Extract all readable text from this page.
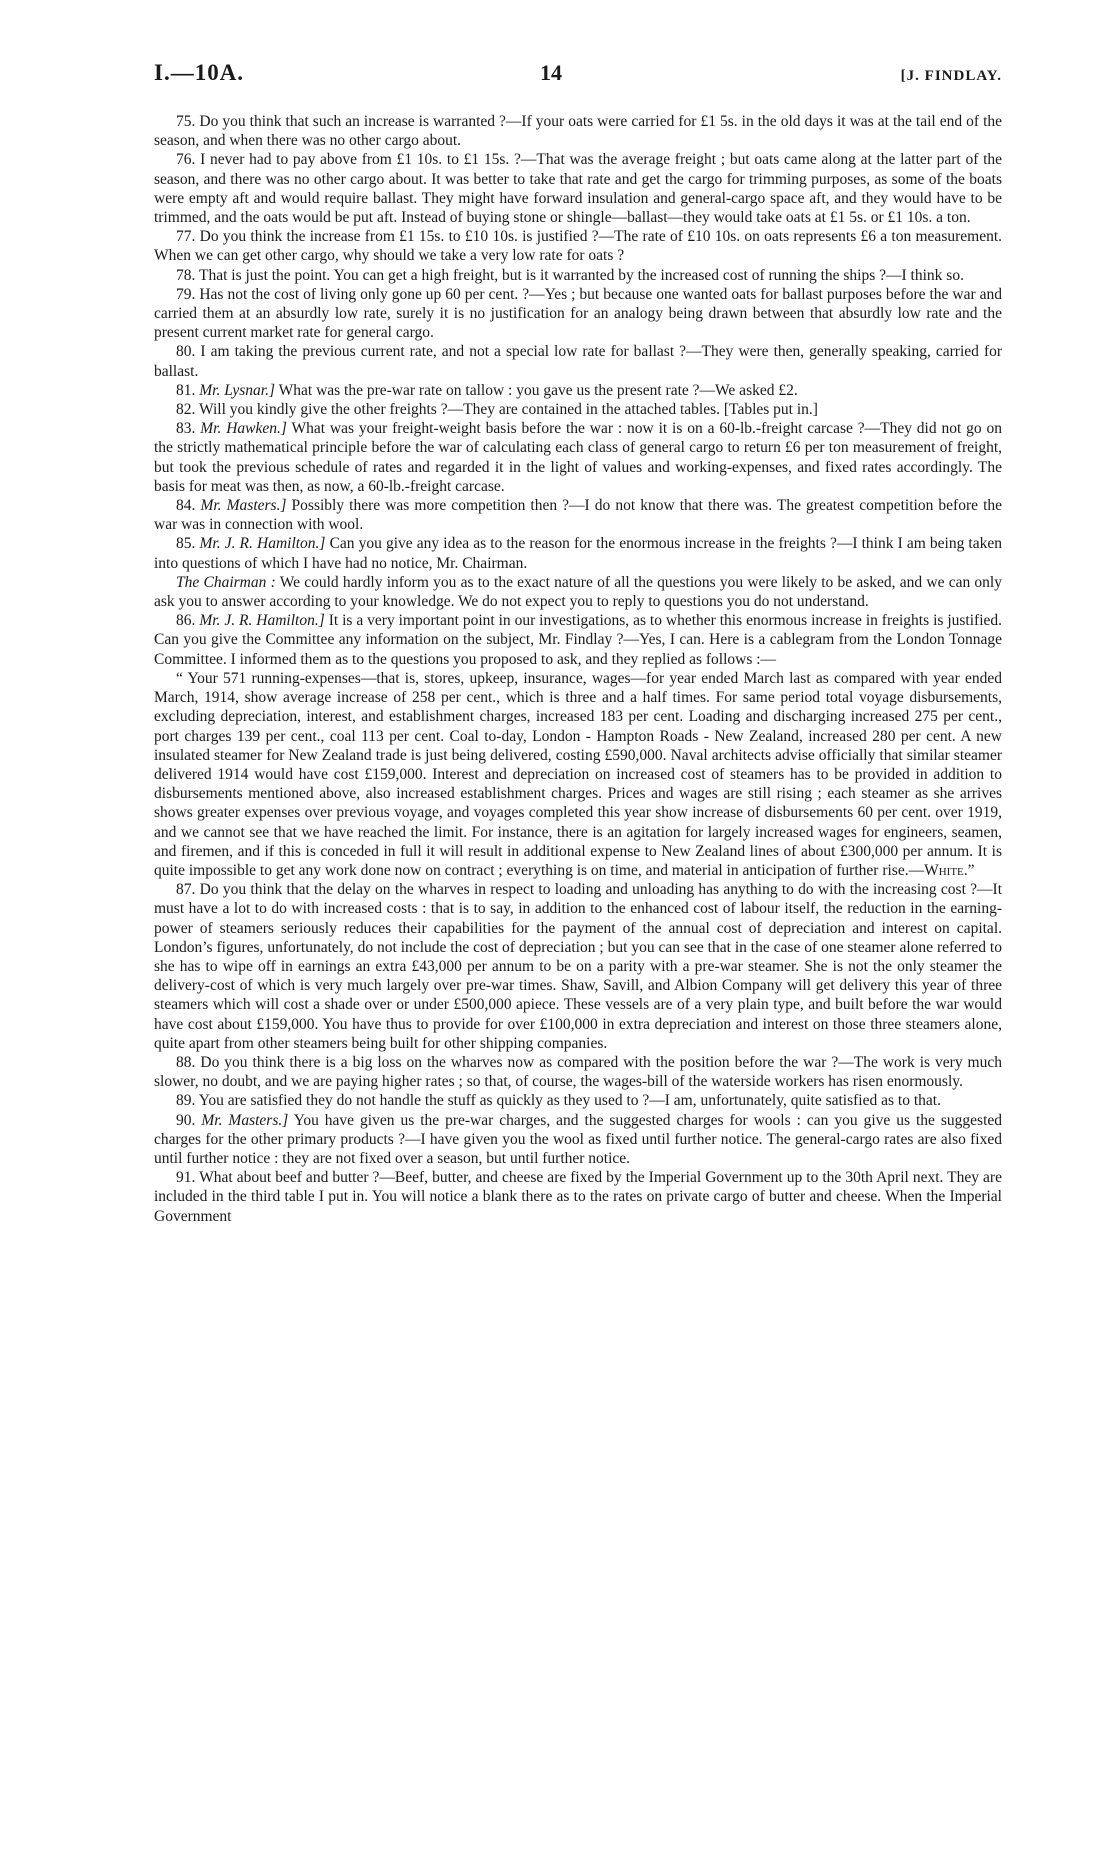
I.—10A.	14	[J. FINDLAY.

75. Do you think that such an increase is warranted ?—If your oats were carried for £1 5s. in the old days it was at the tail end of the season, and when there was no other cargo about.

76. I never had to pay above from £1 10s. to £1 15s. ?—That was the average freight ; but oats came along at the latter part of the season, and there was no other cargo about. It was better to take that rate and get the cargo for trimming purposes, as some of the boats were empty aft and would require ballast. They might have forward insulation and general-cargo space aft, and they would have to be trimmed, and the oats would be put aft. Instead of buying stone or shingle—ballast—they would take oats at £1 5s. or £1 10s. a ton.

77. Do you think the increase from £1 15s. to £10 10s. is justified ?—The rate of £10 10s. on oats represents £6 a ton measurement. When we can get other cargo, why should we take a very low rate for oats ?

78. That is just the point. You can get a high freight, but is it warranted by the increased cost of running the ships ?—I think so.

79. Has not the cost of living only gone up 60 per cent. ?—Yes ; but because one wanted oats for ballast purposes before the war and carried them at an absurdly low rate, surely it is no justification for an analogy being drawn between that absurdly low rate and the present current market rate for general cargo.

80. I am taking the previous current rate, and not a special low rate for ballast ?—They were then, generally speaking, carried for ballast.

81. Mr. Lysnar.] What was the pre-war rate on tallow : you gave us the present rate ?—We asked £2.

82. Will you kindly give the other freights ?—They are contained in the attached tables. [Tables put in.]

83. Mr. Hawken.] What was your freight-weight basis before the war : now it is on a 60-lb.-freight carcase ?—They did not go on the strictly mathematical principle before the war of calculating each class of general cargo to return £6 per ton measurement of freight, but took the previous schedule of rates and regarded it in the light of values and working-expenses, and fixed rates accordingly. The basis for meat was then, as now, a 60-lb.-freight carcase.

84. Mr. Masters.] Possibly there was more competition then ?—I do not know that there was. The greatest competition before the war was in connection with wool.

85. Mr. J. R. Hamilton.] Can you give any idea as to the reason for the enormous increase in the freights ?—I think I am being taken into questions of which I have had no notice, Mr. Chairman.

The Chairman : We could hardly inform you as to the exact nature of all the questions you were likely to be asked, and we can only ask you to answer according to your knowledge. We do not expect you to reply to questions you do not understand.

86. Mr. J. R. Hamilton.] It is a very important point in our investigations, as to whether this enormous increase in freights is justified. Can you give the Committee any information on the subject, Mr. Findlay ?—Yes, I can. Here is a cablegram from the London Tonnage Committee. I informed them as to the questions you proposed to ask, and they replied as follows :—

“ Your 571 running-expenses—that is, stores, upkeep, insurance, wages—for year ended March last as compared with year ended March, 1914, show average increase of 258 per cent., which is three and a half times. For same period total voyage disbursements, excluding depreciation, interest, and establishment charges, increased 183 per cent. Loading and discharging increased 275 per cent., port charges 139 per cent., coal 113 per cent. Coal to-day, London - Hampton Roads - New Zealand, increased 280 per cent. A new insulated steamer for New Zealand trade is just being delivered, costing £590,000. Naval architects advise officially that similar steamer delivered 1914 would have cost £159,000. Interest and depreciation on increased cost of steamers has to be provided in addition to disbursements mentioned above, also increased establishment charges. Prices and wages are still rising ; each steamer as she arrives shows greater expenses over previous voyage, and voyages completed this year show increase of disbursements 60 per cent. over 1919, and we cannot see that we have reached the limit. For instance, there is an agitation for largely increased wages for engineers, seamen, and firemen, and if this is conceded in full it will result in additional expense to New Zealand lines of about £300,000 per annum. It is quite impossible to get any work done now on contract ; everything is on time, and material in anticipation of further rise.—White.”

87. Do you think that the delay on the wharves in respect to loading and unloading has anything to do with the increasing cost ?—It must have a lot to do with increased costs : that is to say, in addition to the enhanced cost of labour itself, the reduction in the earning-power of steamers seriously reduces their capabilities for the payment of the annual cost of depreciation and interest on capital. London’s figures, unfortunately, do not include the cost of depreciation ; but you can see that in the case of one steamer alone referred to she has to wipe off in earnings an extra £43,000 per annum to be on a parity with a pre-war steamer. She is not the only steamer the delivery-cost of which is very much largely over pre-war times. Shaw, Savill, and Albion Company will get delivery this year of three steamers which will cost a shade over or under £500,000 apiece. These vessels are of a very plain type, and built before the war would have cost about £159,000. You have thus to provide for over £100,000 in extra depreciation and interest on those three steamers alone, quite apart from other steamers being built for other shipping companies.

88. Do you think there is a big loss on the wharves now as compared with the position before the war ?—The work is very much slower, no doubt, and we are paying higher rates ; so that, of course, the wages-bill of the waterside workers has risen enormously.

89. You are satisfied they do not handle the stuff as quickly as they used to ?—I am, unfortunately, quite satisfied as to that.

90. Mr. Masters.] You have given us the pre-war charges, and the suggested charges for wools : can you give us the suggested charges for the other primary products ?—I have given you the wool as fixed until further notice. The general-cargo rates are also fixed until further notice : they are not fixed over a season, but until further notice.

91. What about beef and butter ?—Beef, butter, and cheese are fixed by the Imperial Government up to the 30th April next. They are included in the third table I put in. You will notice a blank there as to the rates on private cargo of butter and cheese. When the Imperial Government
